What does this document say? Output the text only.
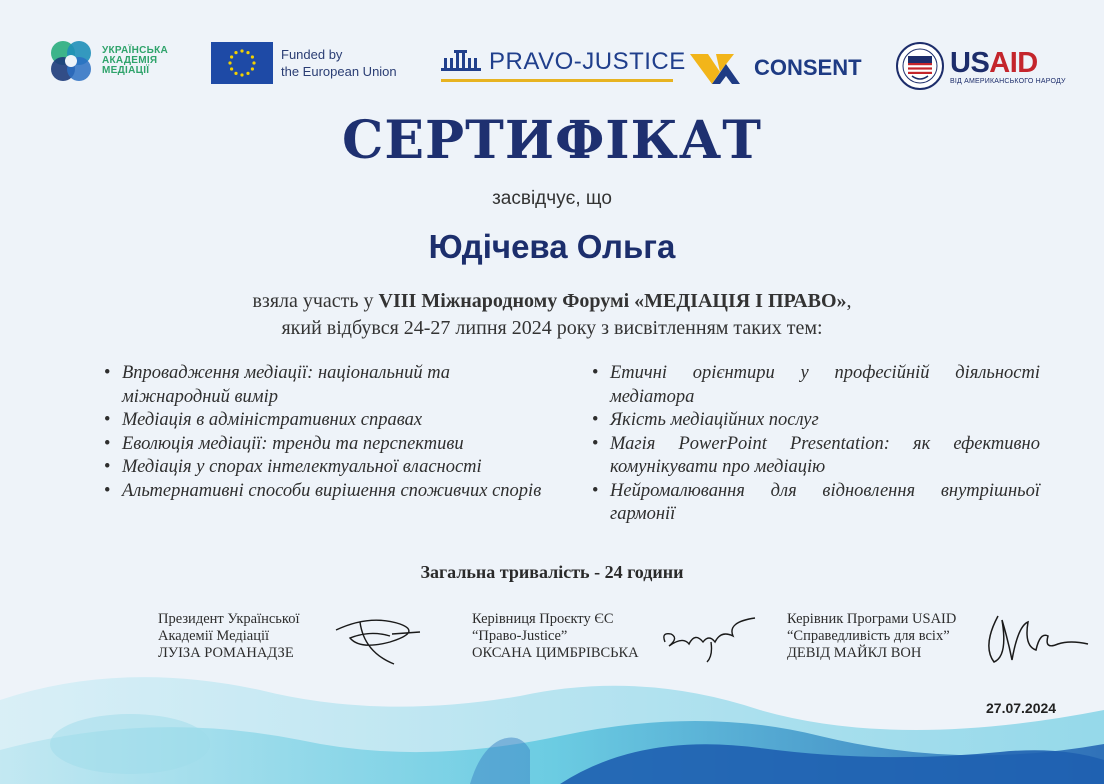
УКРАЇНСЬКА
АКАДЕМІЯ
МЕДІАЦІЇ
Funded by
the European Union	PRAVO-JUSTICE	CONSENT	USAID
ВІД АМЕРИКАНСЬКОГО НАРОДУ
СЕРТИФІКАТ
засвідчує, що
Юдічева Ольга
взяла участь у VIII Міжнародному Форумі «МЕДІАЦІЯ І ПРАВО»,
який відбувся 24-27 липня 2024 року з висвітленням таких тем:
• Впровадження медіації: національний та міжнародний вимір
• Медіація в адміністративних справах
• Еволюція медіації: тренди та перспективи
• Медіація у спорах інтелектуальної власності
• Альтернативні способи вирішення споживчих спорів
• Етичні орієнтири у професійній діяльності медіатора
• Якість медіаційних послуг
• Магія PowerPoint Presentation: як ефективно комунікувати про медіацію
• Нейромалювання для відновлення внутрішньої гармонії
Загальна тривалість - 24 години
Президент Української
Академії Медіації
ЛУІЗА РОМАНАДЗЕ
Керівниця Проєкту ЄС
“Право-Justice”
ОКСАНА ЦИМБРІВСЬКА
Керівник Програми USAID
“Справедливість для всіх”
ДЕВІД МАЙКЛ ВОН
27.07.2024
